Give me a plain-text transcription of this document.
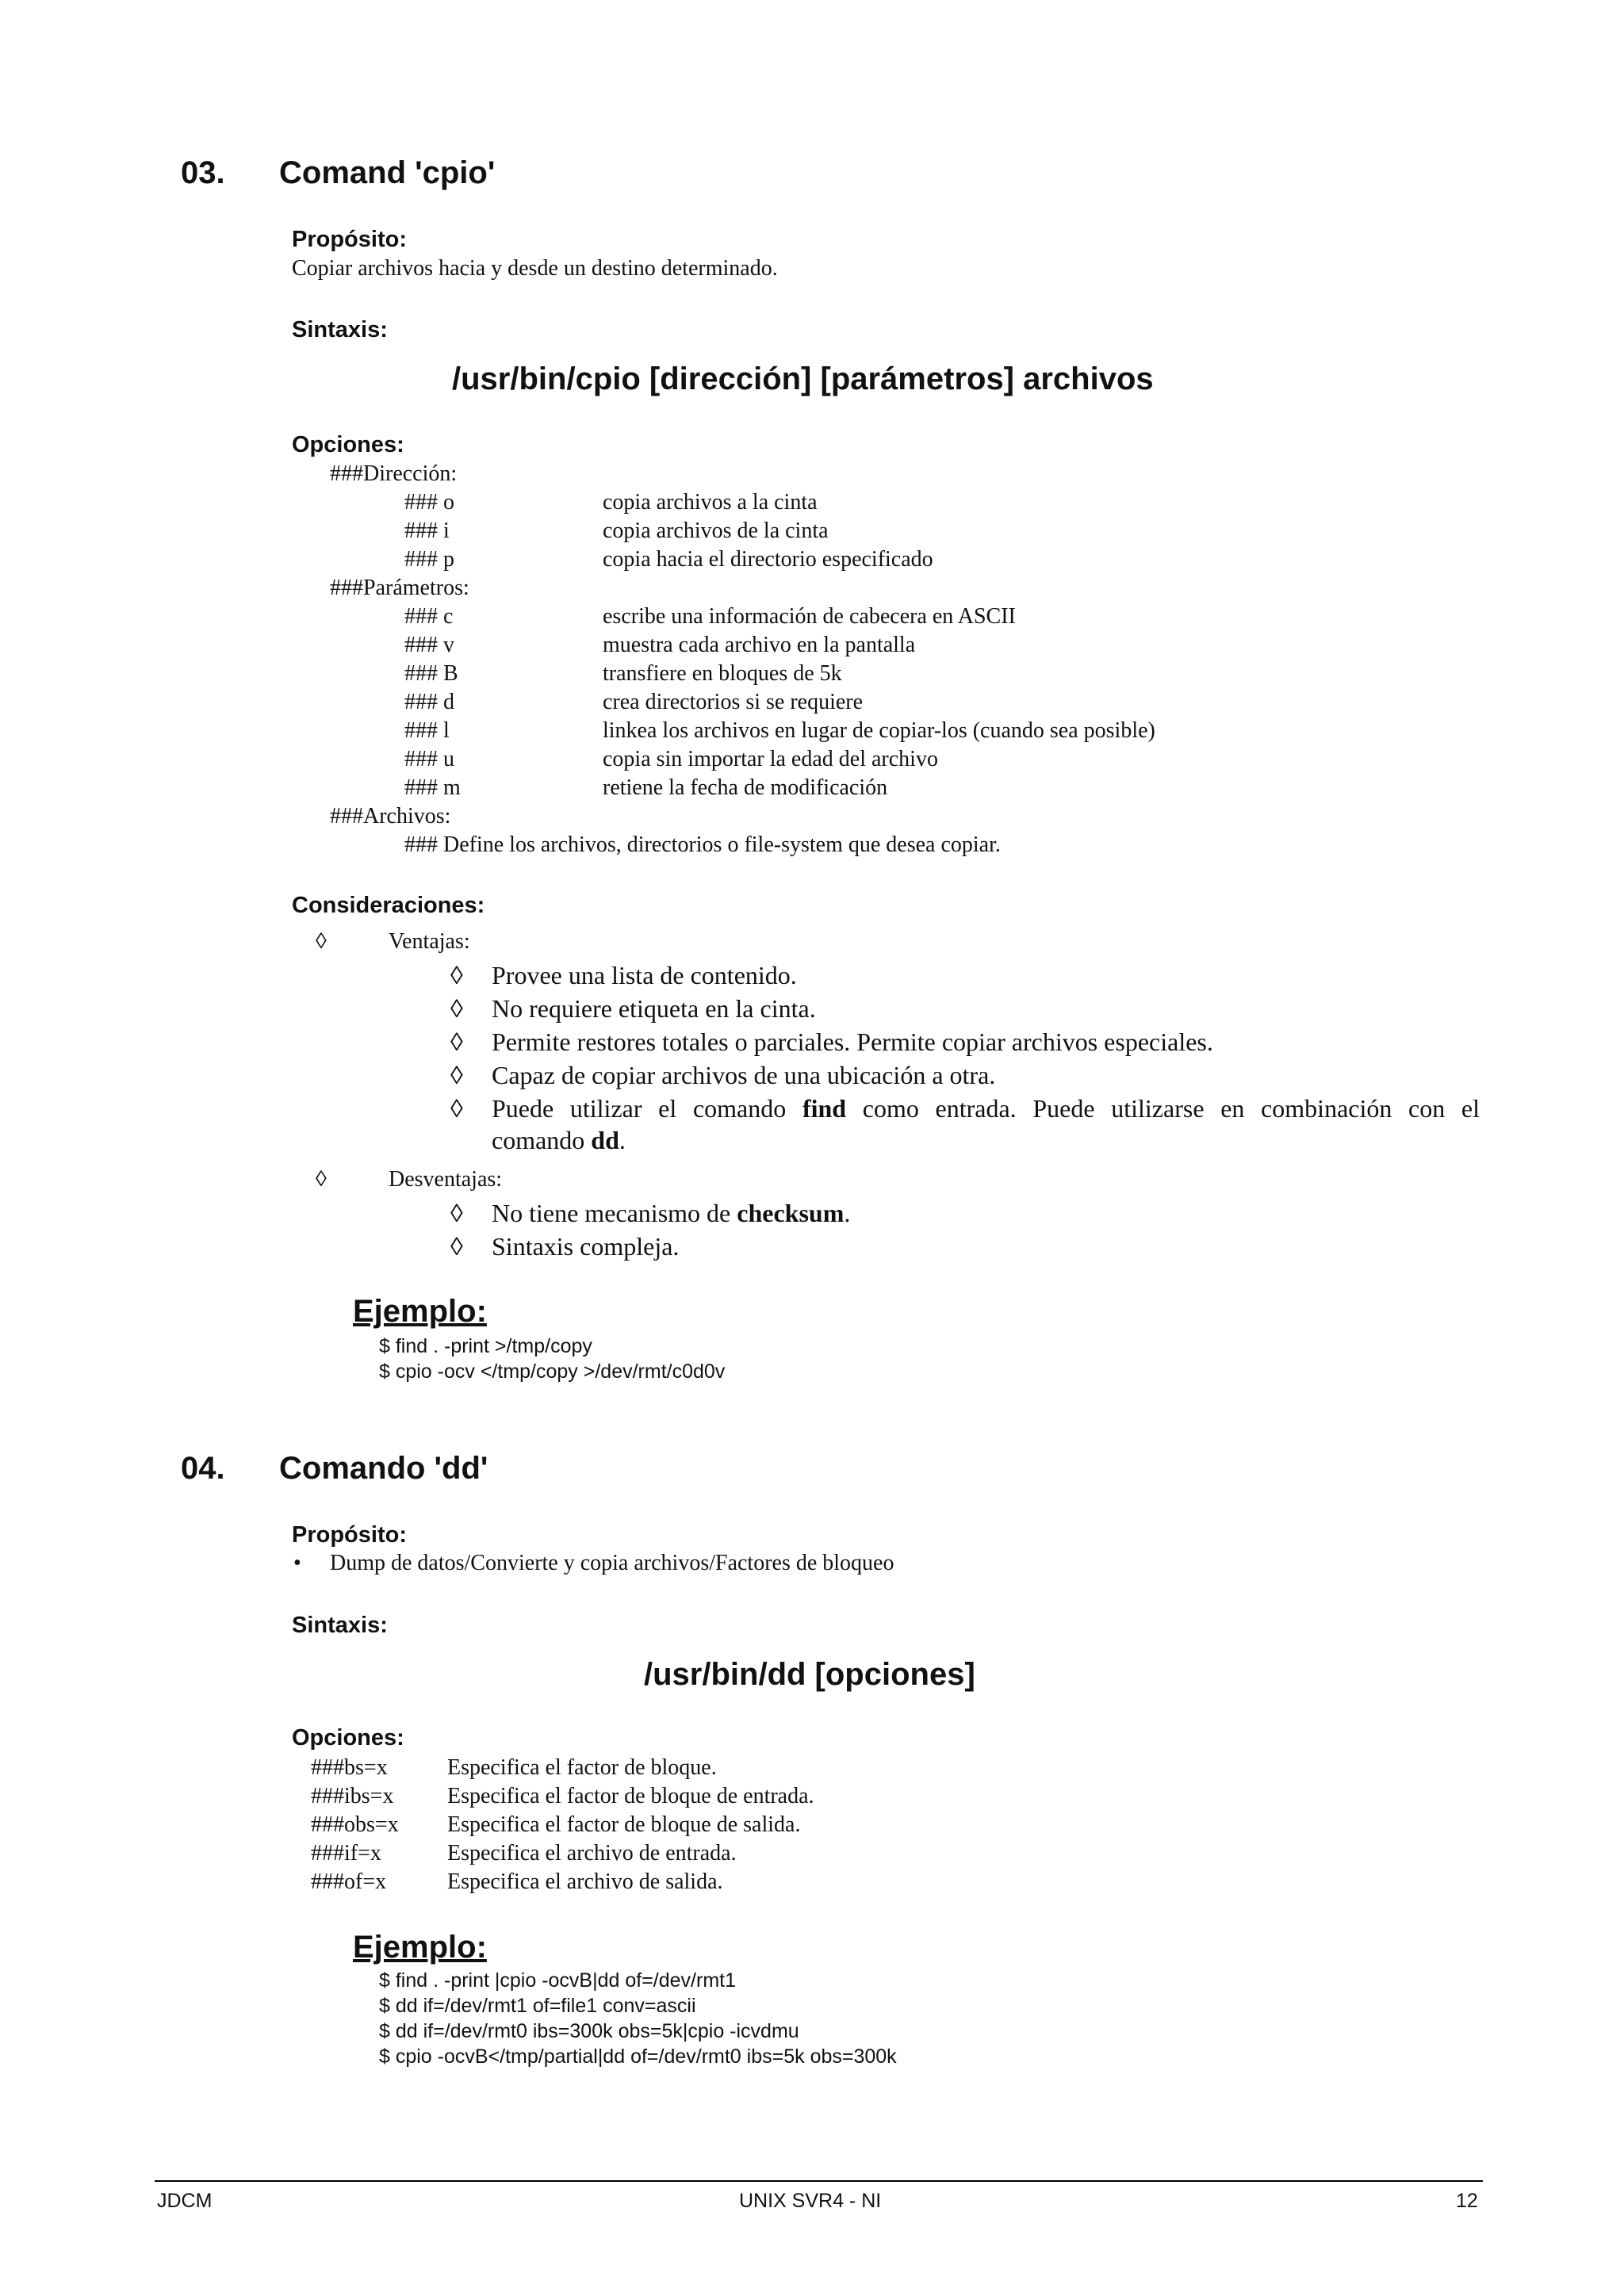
03. Comand 'cpio'
Propósito:
Copiar archivos hacia y desde un destino determinado.
Sintaxis:
/usr/bin/cpio [dirección] [parámetros] archivos
Opciones:
###Dirección:
### o	copia archivos a la cinta
### i	copia archivos de la cinta
### p	copia hacia el directorio especificado
###Parámetros:
### c	escribe una información de cabecera en ASCII
### v	muestra cada archivo en la pantalla
### B	transfiere en bloques de 5k
### d	crea directorios si se requiere
### l	linkea los archivos en lugar de copiar-los (cuando sea posible)
### u	copia sin importar la edad del archivo
### m	retiene la fecha de modificación
###Archivos:
### Define los archivos, directorios o file-system que desea copiar.
Consideraciones:
◊	Ventajas:
◊ Provee una lista de contenido.
◊ No requiere etiqueta en la cinta.
◊ Permite restores totales o parciales. Permite copiar archivos especiales.
◊ Capaz de copiar archivos de una ubicación a otra.
◊ Puede utilizar el comando find como entrada. Puede utilizarse en combinación con el
comando dd.
◊	Desventajas:
◊ No tiene mecanismo de checksum.
◊ Sintaxis compleja.
Ejemplo:
$ find . -print >/tmp/copy
$ cpio -ocv </tmp/copy >/dev/rmt/c0d0v
04. Comando 'dd'
Propósito:
• Dump de datos/Convierte y copia archivos/Factores de bloqueo
Sintaxis:
/usr/bin/dd [opciones]
Opciones:
###bs=x	Especifica el factor de bloque.
###ibs=x Especifica el factor de bloque de entrada.
###obs=x Especifica el factor de bloque de salida.
###if=x	Especifica el archivo de entrada.
###of=x	Especifica el archivo de salida.
Ejemplo:
$ find . -print |cpio -ocvB|dd of=/dev/rmt1
$ dd if=/dev/rmt1 of=file1 conv=ascii
$ dd if=/dev/rmt0 ibs=300k obs=5k|cpio -icvdmu
$ cpio -ocvB</tmp/partial|dd of=/dev/rmt0 ibs=5k obs=300k
JDCM	UNIX SVR4 - NI	12
